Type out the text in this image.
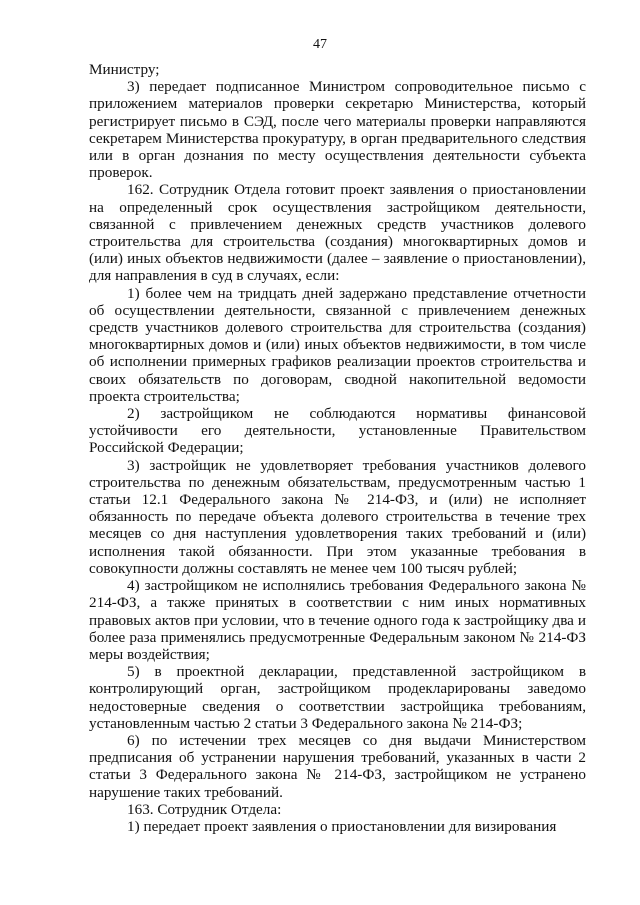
47

Министру;

3) передает подписанное Министром сопроводительное письмо с приложением материалов проверки секретарю Министерства, который регистрирует письмо в СЭД, после чего материалы проверки направляются секретарем Министерства прокуратуру, в орган предварительного следствия или в орган дознания по месту осуществления деятельности субъекта проверок.

162. Сотрудник Отдела готовит проект заявления о приостановлении на определенный срок осуществления застройщиком деятельности, связанной с привлечением денежных средств участников долевого строительства для строительства (создания) многоквартирных домов и (или) иных объектов недвижимости (далее – заявление о приостановлении), для направления в суд в случаях, если:

1) более чем на тридцать дней задержано представление отчетности об осуществлении деятельности, связанной с привлечением денежных средств участников долевого строительства для строительства (создания) многоквартирных домов и (или) иных объектов недвижимости, в том числе об исполнении примерных графиков реализации проектов строительства и своих обязательств по договорам, сводной накопительной ведомости проекта строительства;

2) застройщиком не соблюдаются нормативы финансовой устойчивости его деятельности, установленные Правительством Российской Федерации;

3) застройщик не удовлетворяет требования участников долевого строительства по денежным обязательствам, предусмотренным частью 1 статьи 12.1 Федерального закона № 214-ФЗ, и (или) не исполняет обязанность по передаче объекта долевого строительства в течение трех месяцев со дня наступления удовлетворения таких требований и (или) исполнения такой обязанности. При этом указанные требования в совокупности должны составлять не менее чем 100 тысяч рублей;

4) застройщиком не исполнялись требования Федерального закона № 214-ФЗ, а также принятых в соответствии с ним иных нормативных правовых актов при условии, что в течение одного года к застройщику два и более раза применялись предусмотренные Федеральным законом № 214-ФЗ меры воздействия;

5) в проектной декларации, представленной застройщиком в контролирующий орган, застройщиком продекларированы заведомо недостоверные сведения о соответствии застройщика требованиям, установленным частью 2 статьи 3 Федерального закона № 214-ФЗ;

6) по истечении трех месяцев со дня выдачи Министерством предписания об устранении нарушения требований, указанных в части 2 статьи 3 Федерального закона № 214-ФЗ, застройщиком не устранено нарушение таких требований.

163. Сотрудник Отдела:

1) передает проект заявления о приостановлении для визирования
